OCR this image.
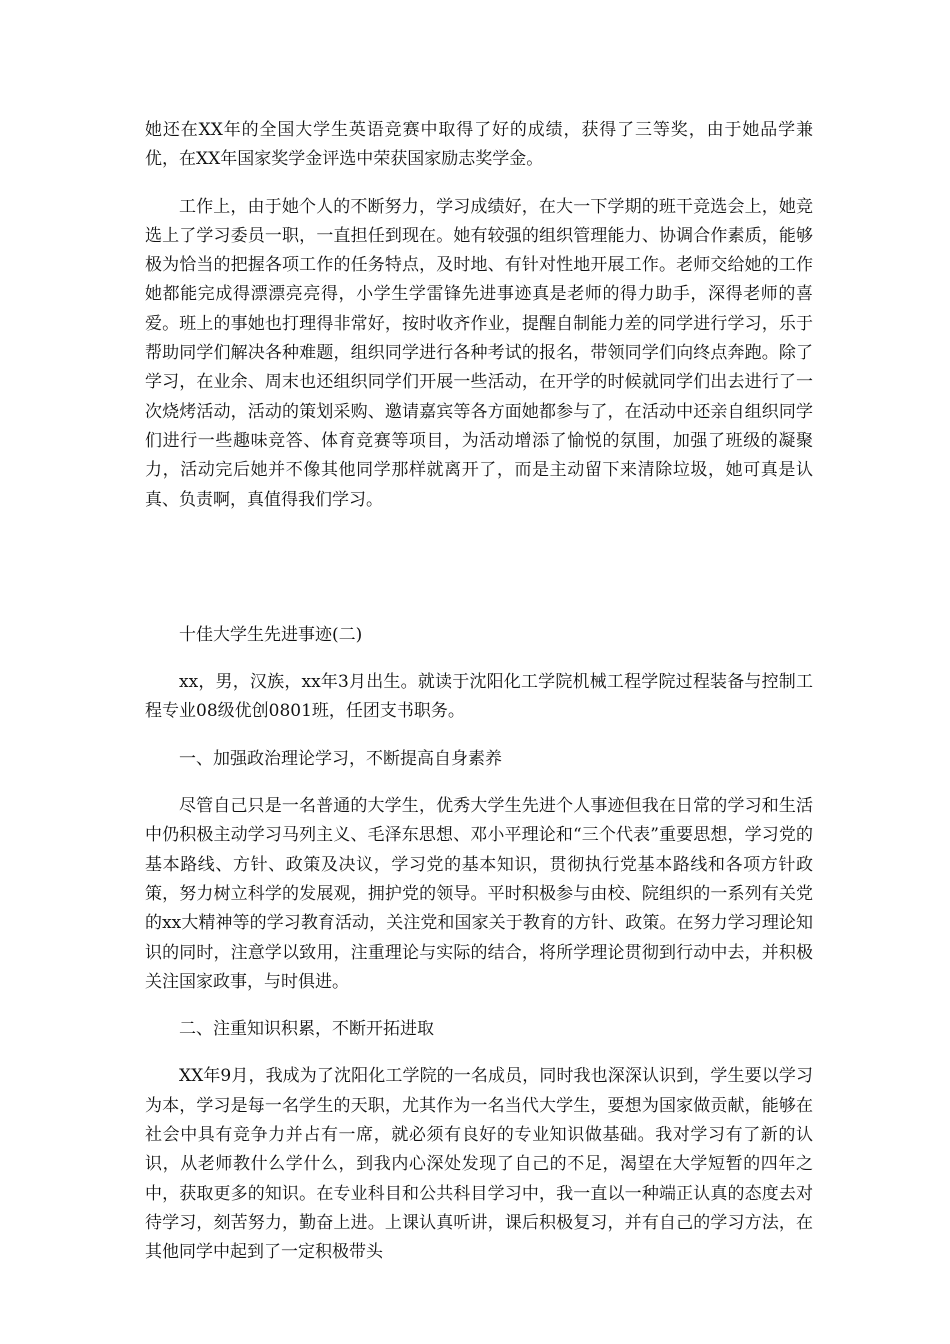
她还在XX年的全国大学生英语竞赛中取得了好的成绩，获得了三等奖，由于她品学兼优，在XX年国家奖学金评选中荣获国家励志奖学金。

工作上，由于她个人的不断努力，学习成绩好，在大一下学期的班干竞选会上，她竞选上了学习委员一职，一直担任到现在。她有较强的组织管理能力、协调合作素质，能够极为恰当的把握各项工作的任务特点，及时地、有针对性地开展工作。老师交给她的工作她都能完成得漂漂亮亮得，小学生学雷锋先进事迹真是老师的得力助手，深得老师的喜爱。班上的事她也打理得非常好，按时收齐作业，提醒自制能力差的同学进行学习，乐于帮助同学们解决各种难题，组织同学进行各种考试的报名，带领同学们向终点奔跑。除了学习，在业余、周末也还组织同学们开展一些活动，在开学的时候就同学们出去进行了一次烧烤活动，活动的策划采购、邀请嘉宾等各方面她都参与了，在活动中还亲自组织同学们进行一些趣味竞答、体育竞赛等项目，为活动增添了愉悦的氛围，加强了班级的凝聚力，活动完后她并不像其他同学那样就离开了，而是主动留下来清除垃圾，她可真是认真、负责啊，真值得我们学习。

十佳大学生先进事迹(二)

xx，男，汉族，xx年3月出生。就读于沈阳化工学院机械工程学院过程装备与控制工程专业08级优创0801班，任团支书职务。

一、加强政治理论学习，不断提高自身素养

尽管自己只是一名普通的大学生，优秀大学生先进个人事迹但我在日常的学习和生活中仍积极主动学习马列主义、毛泽东思想、邓小平理论和“三个代表”重要思想，学习党的基本路线、方针、政策及决议，学习党的基本知识，贯彻执行党基本路线和各项方针政策，努力树立科学的发展观，拥护党的领导。平时积极参与由校、院组织的一系列有关党的xx大精神等的学习教育活动，关注党和国家关于教育的方针、政策。在努力学习理论知识的同时，注意学以致用，注重理论与实际的结合，将所学理论贯彻到行动中去，并积极关注国家政事，与时俱进。

二、注重知识积累，不断开拓进取

XX年9月，我成为了沈阳化工学院的一名成员，同时我也深深认识到，学生要以学习为本，学习是每一名学生的天职，尤其作为一名当代大学生，要想为国家做贡献，能够在社会中具有竞争力并占有一席，就必须有良好的专业知识做基础。我对学习有了新的认识，从老师教什么学什么，到我内心深处发现了自己的不足，渴望在大学短暂的四年之中，获取更多的知识。在专业科目和公共科目学习中，我一直以一种端正认真的态度去对待学习，刻苦努力，勤奋上进。上课认真听讲，课后积极复习，并有自己的学习方法，在其他同学中起到了一定积极带头
